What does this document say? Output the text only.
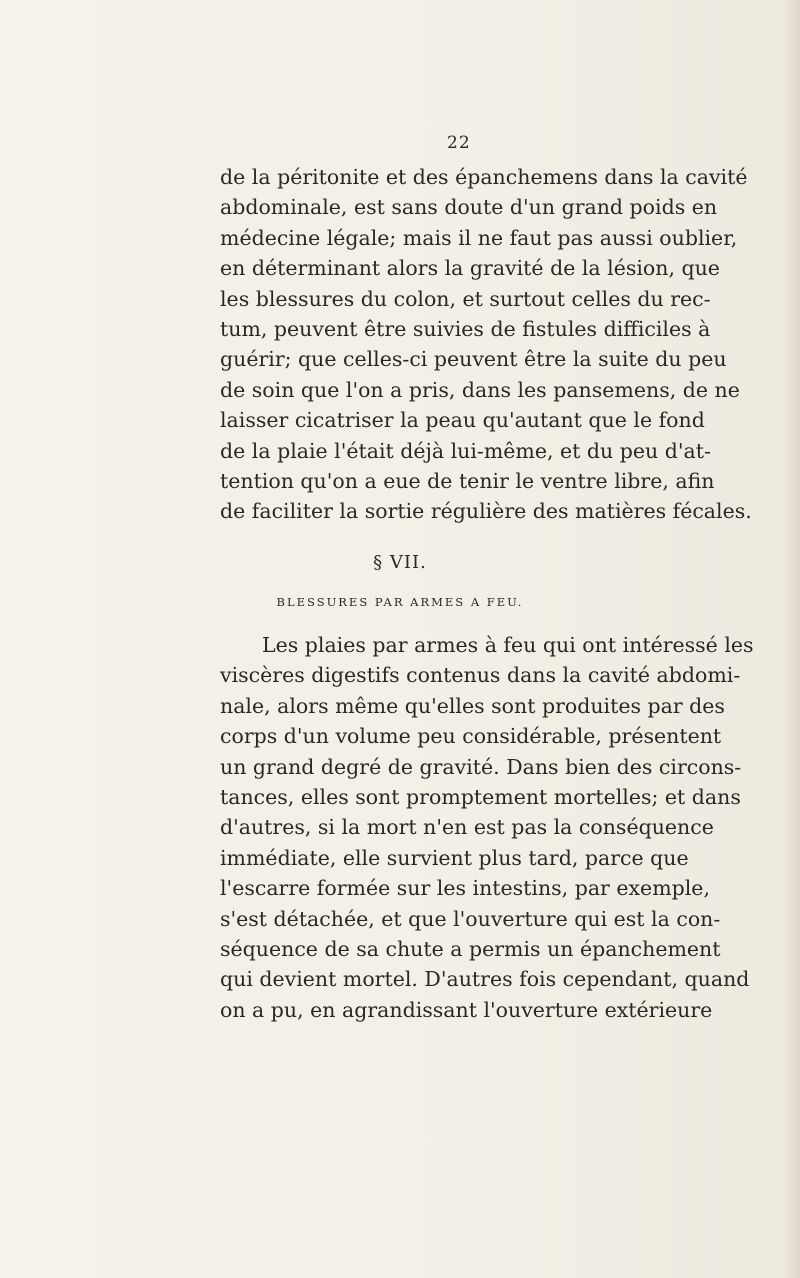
22
de la péritonite et des épanchemens dans la cavité
abdominale, est sans doute d'un grand poids en
médecine légale; mais il ne faut pas aussi oublier,
en déterminant alors la gravité de la lésion, que
les blessures du colon, et surtout celles du rec-
tum, peuvent être suivies de fistules difficiles à
guérir; que celles-ci peuvent être la suite du peu
de soin que l'on a pris, dans les pansemens, de ne
laisser cicatriser la peau qu'autant que le fond
de la plaie l'était déjà lui-même, et du peu d'at-
tention qu'on a eue de tenir le ventre libre, afin
de faciliter la sortie régulière des matières fécales.
§ VII.
BLESSURES PAR ARMES A FEU.
Les plaies par armes à feu qui ont intéressé les
viscères digestifs contenus dans la cavité abdomi-
nale, alors même qu'elles sont produites par des
corps d'un volume peu considérable, présentent
un grand degré de gravité. Dans bien des circons-
tances, elles sont promptement mortelles; et dans
d'autres, si la mort n'en est pas la conséquence
immédiate, elle survient plus tard, parce que
l'escarre formée sur les intestins, par exemple,
s'est détachée, et que l'ouverture qui est la con-
séquence de sa chute a permis un épanchement
qui devient mortel. D'autres fois cependant, quand
on a pu, en agrandissant l'ouverture extérieure
